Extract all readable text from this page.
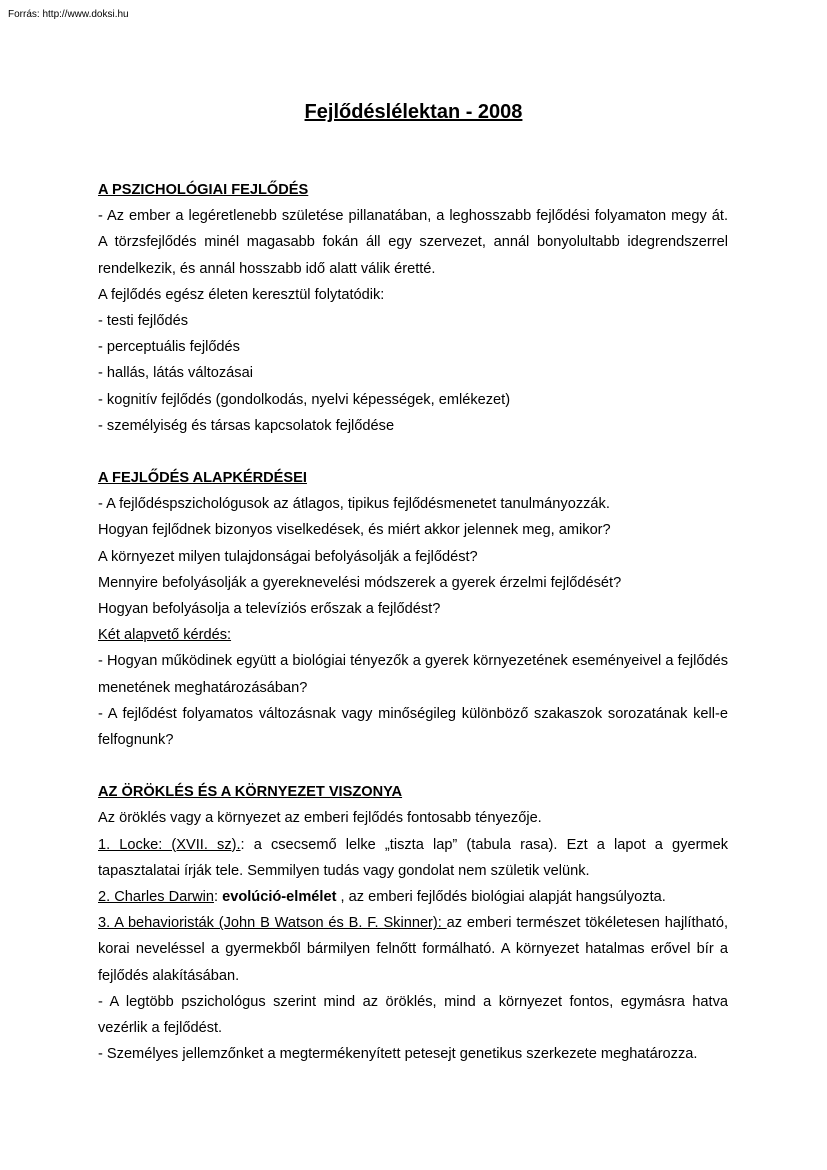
Forrás: http://www.doksi.hu
Fejlődéslélektan - 2008
A PSZICHOLÓGIAI FEJLŐDÉS

- Az ember a legéretlenebb születése pillanatában, a leghosszabb fejlődési folyamaton megy át. A törzsfejlődés minél magasabb fokán áll egy szervezet, annál bonyolultabb idegrendszerrel rendelkezik, és annál hosszabb idő alatt válik éretté.

A fejlődés egész életen keresztül folytatódik:

- testi fejlődés

- perceptuális fejlődés

- hallás, látás változásai

- kognitív fejlődés (gondolkodás, nyelvi képességek, emlékezet)

- személyiség és társas kapcsolatok fejlődése

A FEJLŐDÉS ALAPKÉRDÉSEI

- A fejlődéspszichológusok az átlagos, tipikus fejlődésmenetet tanulmányozzák.

Hogyan fejlődnek bizonyos viselkedések, és miért akkor jelennek meg, amikor?

A környezet milyen tulajdonságai befolyásolják a fejlődést?

Mennyire befolyásolják a gyereknevelési módszerek a gyerek érzelmi fejlődését?

Hogyan befolyásolja a televíziós erőszak a fejlődést?

Két alapvető kérdés:

- Hogyan működinek együtt a biológiai tényezők a gyerek környezetének eseményeivel a fejlődés menetének meghatározásában?

- A fejlődést folyamatos változásnak vagy minőségileg különböző szakaszok sorozatának kell-e felfognunk?

AZ ÖRÖKLÉS ÉS A KÖRNYEZET VISZONYA

Az öröklés vagy a környezet az emberi fejlődés fontosabb tényezője.

1. Locke: (XVII. sz).: a csecsemő lelke „tiszta lap” (tabula rasa). Ezt a lapot a gyermek tapasztalatai írják tele. Semmilyen tudás vagy gondolat nem születik velünk.

2. Charles Darwin: evolúció-elmélet , az emberi fejlődés biológiai alapját hangsúlyozta.

3. A behavioristák (John B Watson és B. F. Skinner): az emberi természet tökéletesen hajlítható, korai neveléssel a gyermekből bármilyen felnőtt formálható. A környezet hatalmas erővel bír a fejlődés alakításában.

- A legtöbb pszichológus szerint mind az öröklés, mind a környezet fontos, egymásra hatva vezérlik a fejlődést.

- Személyes jellemzőnket a megtermékenyített petesejt genetikus szerkezete meghatározza.
